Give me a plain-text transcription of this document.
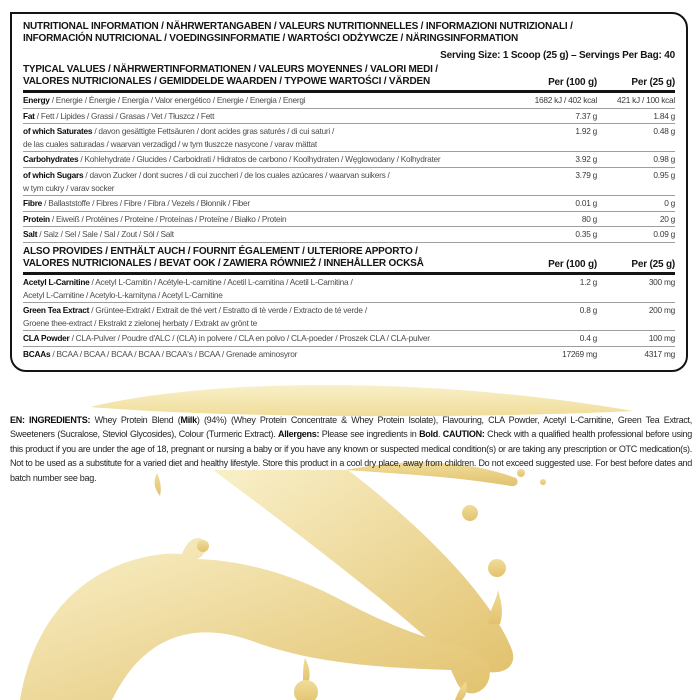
NUTRITIONAL INFORMATION / NÄHRWERTANGABEN / VALEURS NUTRITIONNELLES / INFORMAZIONI NUTRIZIONALI /
INFORMACIÓN NUTRICIONAL / VOEDINGSINFORMATIE / WARTOŚCI ODŻYWCZE / NÄRINGSINFORMATION
Serving Size: 1 Scoop (25 g) – Servings Per Bag: 40
TYPICAL VALUES / NÄHRWERTINFORMATIONEN / VALEURS MOYENNES / VALORI MEDI /
VALORES NUTRICIONALES / GEMIDDELDE WAARDEN / TYPOWE WARTOŚCI / VÄRDEN	Per (100 g)	Per (25 g)
Energy / Energie / Énergie / Energia / Valor energético / Energie / Energia / Energi	1682 kJ / 402 kcal	421 kJ / 100 kcal
Fat / Fett / Lipides / Grassi / Grasas / Vet / Tłuszcz / Fett	7.37 g	1.84 g
of which Saturates / davon gesättigte Fettsäuren / dont acides gras saturés / di cui saturi /
de las cuales saturadas / waarvan verzadigd / w tym tłuszcze nasycone / varav mättat
1.92 g	0.48 g
Carbohydrates / Kohlehydrate / Glucides / Carboidrati / Hidratos de carbono / Koolhydraten / Węglowodany / Kolhydrater	3.92 g	0.98 g
of which Sugars / davon Zucker / dont sucres / di cui zuccheri / de los cuales azúcares / waarvan suikers /
w tym cukry / varav socker
3.79 g	0.95 g
Fibre / Ballaststoffe / Fibres / Fibre / Fibra / Vezels / Błonnik / Fiber	0.01 g	0 g
Protein / Eiweiß / Protéines / Proteine / Proteínas / Proteïne / Białko / Protein	80 g	20 g
Salt / Salz / Sel / Sale / Sal / Zout / Sól / Salt	0.35 g	0.09 g
ALSO PROVIDES / ENTHÄLT AUCH / FOURNIT ÉGALEMENT / ULTERIORE APPORTO /
VALORES NUTRICIONALES / BEVAT OOK / ZAWIERA RÓWNIEŻ / INNEHÅLLER OCKSÅ	Per (100 g)	Per (25 g)
Acetyl L-Carnitine / Acetyl L-Carnitin / Acétyle-L-carnitine / Acetil L-carnitina / Acetil L-Carnitina /
Acetyl L-Carnitine / Acetylo-L-karnityna / Acetyl L-Carnitine
1.2 g	300 mg
Green Tea Extract / Grüntee-Extrakt / Extrait de thé vert / Estratto di tè verde / Extracto de té verde /
Groene thee-extract / Ekstrakt z zielonej herbaty / Extrakt av grönt te
0.8 g	200 mg
CLA Powder / CLA-Pulver / Poudre d'ALC / (CLA) in polvere / CLA en polvo / CLA-poeder / Proszek CLA / CLA-pulver	0.4 g	100 mg
BCAAs / BCAA / BCAA / BCAA / BCAA / BCAA's / BCAA / Grenade aminosyror	17269 mg	4317 mg
EN: INGREDIENTS: Whey Protein Blend (Milk) (94%) (Whey Protein Concentrate & Whey Protein Isolate), Flavouring, CLA Powder, Acetyl L-Carnitine, Green Tea Extract, Sweeteners (Sucralose, Steviol Glycosides), Colour (Turmeric Extract). Allergens: Please see ingredients in Bold. CAUTION: Check with a qualified health professional before using this product if you are under the age of 18, pregnant or nursing a baby or if you have any known or suspected medical condition(s) or are taking any prescription or OTC medication(s). Not to be used as a substitute for a varied diet and healthy lifestyle. Store this product in a cool dry place, away from children. Do not exceed suggested use. For best before dates and batch number see bag.
